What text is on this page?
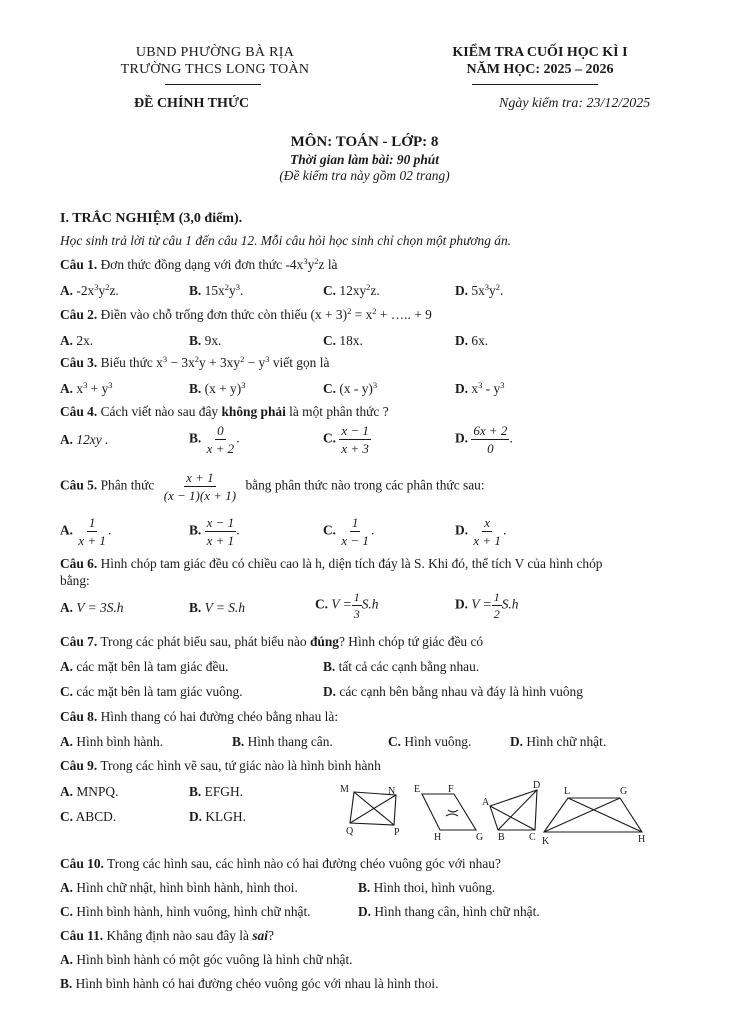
UBND PHƯỜNG BÀ RỊA
TRƯỜNG THCS LONG TOÀN
KIỂM TRA CUỐI HỌC KÌ I
NĂM HỌC: 2025 – 2026
ĐỀ CHÍNH THỨC	Ngày kiểm tra: 23/12/2025
MÔN: TOÁN - LỚP: 8
Thời gian làm bài: 90 phút
(Đề kiểm tra này gồm 02 trang)
I. TRẮC NGHIỆM (3,0 điểm).
Học sinh trả lời từ câu 1 đến câu 12. Mỗi câu hỏi học sinh chỉ chọn một phương án.
Câu 1. Đơn thức đồng dạng với đơn thức $-4x^3y^2z$ là
A. $-2x^3y^2z$.	B. $15x^2y^3$.	C. $12xy^2z$.	D. $5x^3y^2$.
Câu 2. Điền vào chỗ trống đơn thức còn thiếu $(x + 3)^2 = x^2$ + ….. + 9
A. 2x.	B. 9x.	C. 18x.	D. 6x.
Câu 3. Biểu thức $x^3 - 3x^2y + 3xy^2 - y^3$ viết gọn là
A. $x^3 + y^3$	B. $(x + y)^3$	C. (x - y)$^3$	D. $x^3 - y^3$
Câu 4. Cách viết nào sau đây không phải là một phân thức ?
A. 12xy .	B. $\frac{0}{x + 2}$ .	C. $\frac{x - 1}{x + 3}$	D. $\frac{6x + 2}{0}$ .
Câu 5. Phân thức $\frac{x + 1}{(x - 1)(x + 1)}$ bằng phân thức nào trong các phân thức sau:
A. $\frac{1}{x + 1}$ .	B. $\frac{x - 1}{x + 1}$ .	C. $\frac{1}{x - 1}$ .	D. $\frac{x}{x + 1}$ .
Câu 6. Hình chóp tam giác đều có chiều cao là h, diện tích đáy là S. Khi đó, thể tích V của hình chóp
bằng:
A. V = 3S.h	B. V = S.h	C. $V = \frac{1}{3} S.h$	D. $V = \frac{1}{2} S.h$
Câu 7. Trong các phát biểu sau, phát biểu nào đúng? Hình chóp tứ giác đều có
A. các mặt bên là tam giác đều.	B. tất cả các cạnh bằng nhau.
C. các mặt bên là tam giác vuông.	D. các cạnh bên bằng nhau và đáy là hình vuông
Câu 8. Hình thang có hai đường chéo bằng nhau là:
A. Hình bình hành.	B. Hình thang cân.	C. Hình vuông.	D. Hình chữ nhật.
Câu 9. Trong các hình vẽ sau, tứ giác nào là hình bình hành
A. MNPQ.	B. EFGH.
C. ABCD.	D. KLGH.
M	N
Q	P
E	F
H	G
A
D
B C
L	G
K	H
Câu 10. Trong các hình sau, các hình nào có hai đường chéo vuông góc với nhau?
A. Hình chữ nhật, hình bình hành, hình thoi.	B. Hình thoi, hình vuông.
C. Hình bình hành, hình vuông, hình chữ nhật.	D. Hình thang cân, hình chữ nhật.
Câu 11. Khẳng định nào sau đây là sai?
A. Hình bình hành có một góc vuông là hình chữ nhật.
B. Hình bình hành có hai đường chéo vuông góc với nhau là hình thoi.
